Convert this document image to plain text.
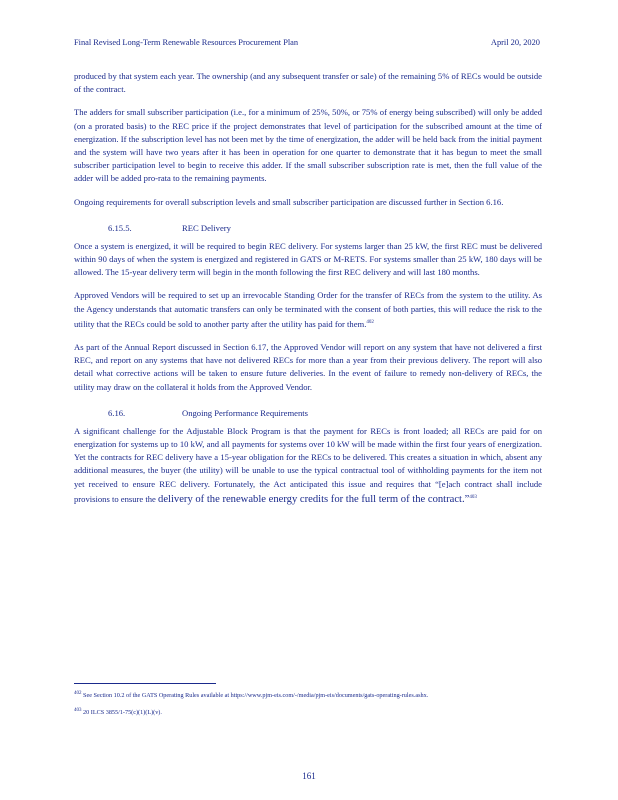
Final Revised Long-Term Renewable Resources Procurement Plan	April 20, 2020

produced by that system each year. The ownership (and any subsequent transfer or sale) of the remaining 5% of RECs would be outside of the contract.

The adders for small subscriber participation (i.e., for a minimum of 25%, 50%, or 75% of energy being subscribed) will only be added (on a prorated basis) to the REC price if the project demonstrates that level of participation for the subscribed amount at the time of energization. If the subscription level has not been met by the time of energization, the adder will be held back from the initial payment and the system will have two years after it has been in operation for one quarter to demonstrate that it has begun to meet the small subscriber participation level to begin to receive this adder. If the small subscriber subscription rate is met, then the full value of the adder will be added pro-rata to the remaining payments.

Ongoing requirements for overall subscription levels and small subscriber participation are discussed further in Section 6.16.

6.15.5.	REC Delivery

Once a system is energized, it will be required to begin REC delivery. For systems larger than 25 kW, the first REC must be delivered within 90 days of when the system is energized and registered in GATS or M-RETS. For systems smaller than 25 kW, 180 days will be allowed. The 15-year delivery term will begin in the month following the first REC delivery and will last 180 months.

Approved Vendors will be required to set up an irrevocable Standing Order for the transfer of RECs from the system to the utility. As the Agency understands that automatic transfers can only be terminated with the consent of both parties, this will reduce the risk to the utility that the RECs could be sold to another party after the utility has paid for them.$^{402}$

As part of the Annual Report discussed in Section 6.17, the Approved Vendor will report on any system that have not delivered a first REC, and report on any systems that have not delivered RECs for more than a year from their previous delivery. The report will also detail what corrective actions will be taken to ensure future deliveries. In the event of failure to remedy non-delivery of RECs, the utility may draw on the collateral it holds from the Approved Vendor.

6.16.	Ongoing Performance Requirements

A significant challenge for the Adjustable Block Program is that the payment for RECs is front loaded; all RECs are paid for on energization for systems up to 10 kW, and all payments for systems over 10 kW will be made within the first four years of energization. Yet the contracts for REC delivery have a 15-year obligation for the RECs to be delivered. This creates a situation in which, absent any additional measures, the buyer (the utility) will be unable to use the typical contractual tool of withholding payments for the item not yet received to ensure REC delivery. Fortunately, the Act anticipated this issue and requires that “[e]ach contract shall include provisions to ensure the delivery of the renewable energy credits for the full term of the contract.”$^{403}$

$^{402}$ See Section 10.2 of the GATS Operating Rules available at https://www.pjm-eis.com/-/media/pjm-eis/documents/gats-operating-rules.ashx.

$^{403}$ 20 ILCS 3855/1-75(c)(1)(L)(v).

161
